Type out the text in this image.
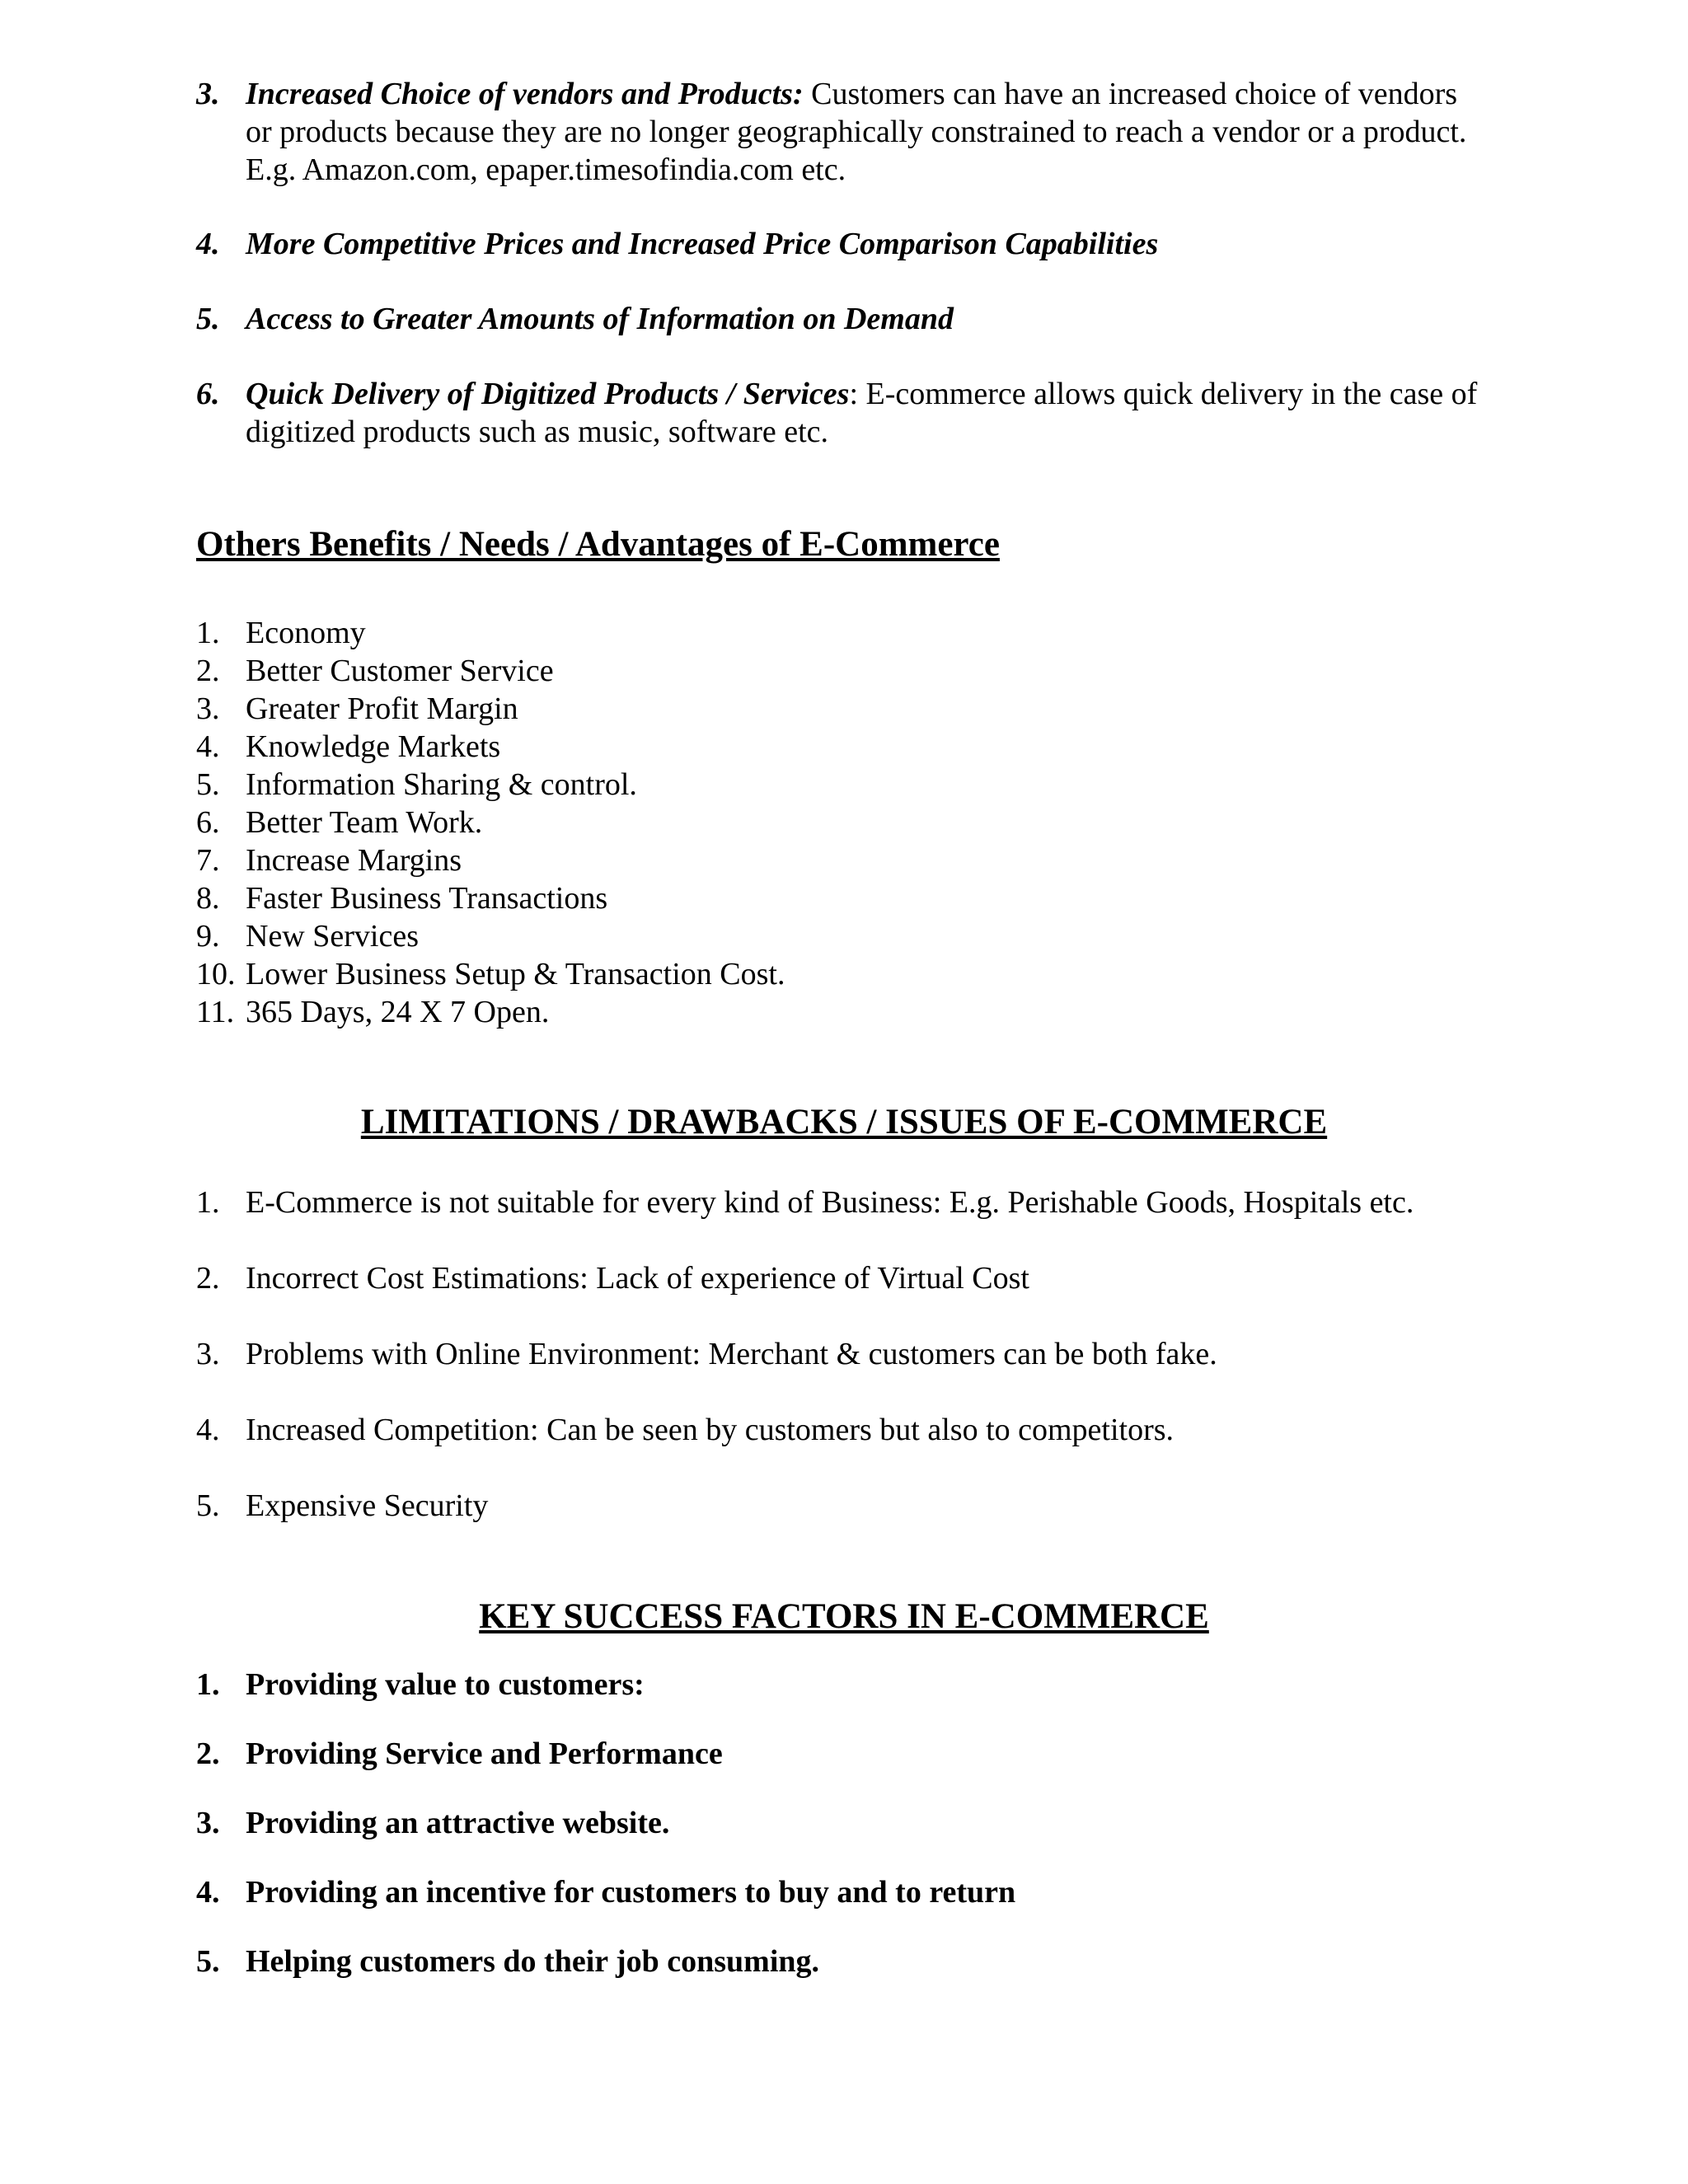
3. Increased Choice of vendors and Products: Customers can have an increased choice of vendors
or products because they are no longer geographically constrained to reach a vendor or a product.
E.g. Amazon.com, epaper.timesofindia.com etc.
4. More Competitive Prices and Increased Price Comparison Capabilities
5. Access to Greater Amounts of Information on Demand
6. Quick Delivery of Digitized Products / Services: E-commerce allows quick delivery in the case of
digitized products such as music, software etc.
Others Benefits / Needs / Advantages of E-Commerce
1. Economy
2. Better Customer Service
3. Greater Profit Margin
4. Knowledge Markets
5. Information Sharing & control.
6. Better Team Work.
7. Increase Margins
8. Faster Business Transactions
9. New Services
10. Lower Business Setup & Transaction Cost.
11. 365 Days, 24 X 7 Open.
LIMITATIONS / DRAWBACKS / ISSUES OF E-COMMERCE
1. E-Commerce is not suitable for every kind of Business: E.g. Perishable Goods, Hospitals etc.
2. Incorrect Cost Estimations: Lack of experience of Virtual Cost
3. Problems with Online Environment: Merchant & customers can be both fake.
4. Increased Competition: Can be seen by customers but also to competitors.
5. Expensive Security
KEY SUCCESS FACTORS IN E-COMMERCE
1. Providing value to customers:
2. Providing Service and Performance
3. Providing an attractive website.
4. Providing an incentive for customers to buy and to return
5. Helping customers do their job consuming.
